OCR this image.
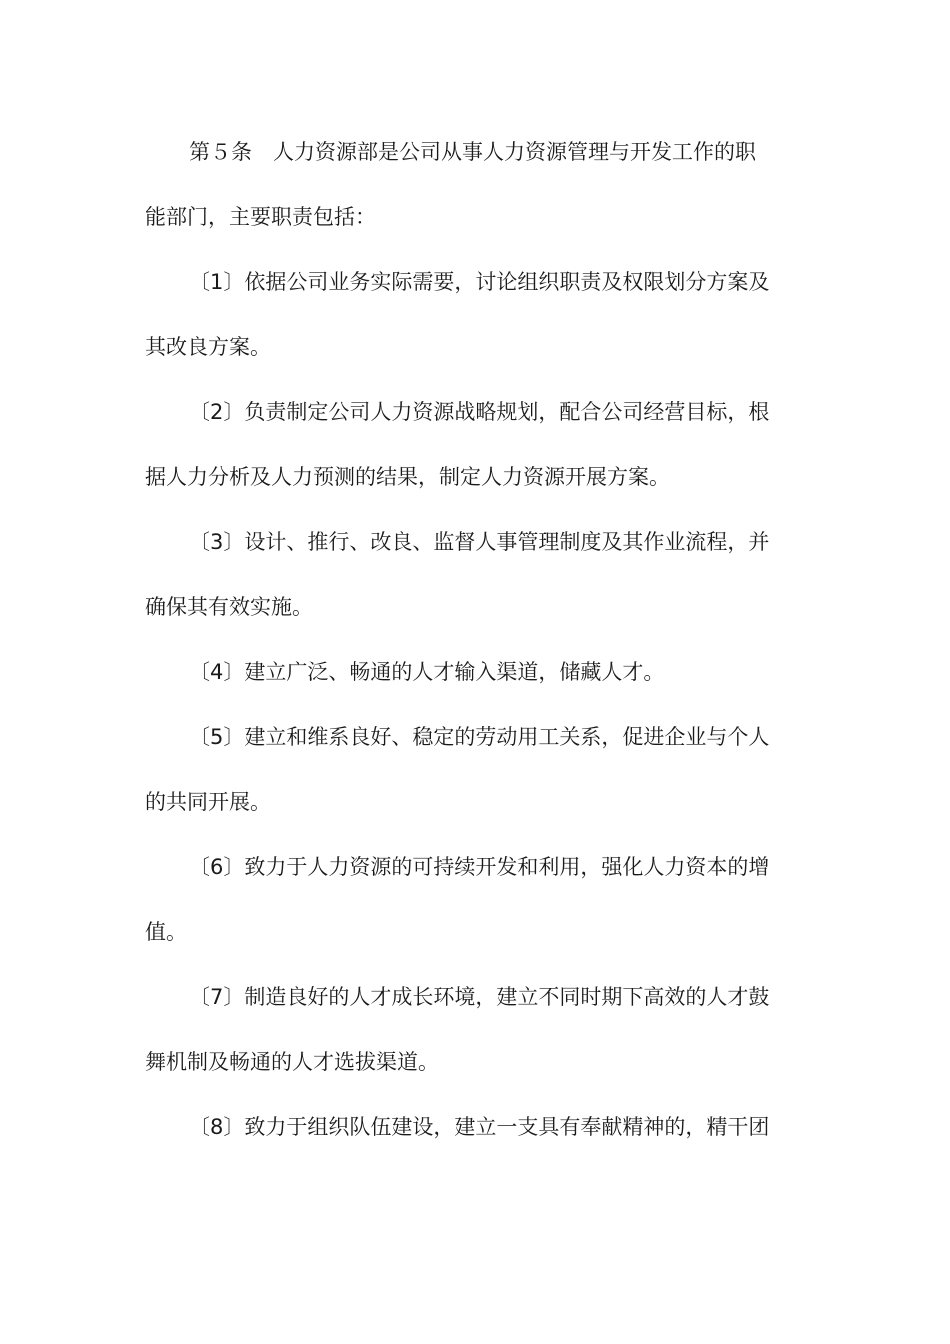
第５条　人力资源部是公司从事人力资源管理与开发工作的职
能部门，主要职责包括：
〔1〕依据公司业务实际需要，讨论组织职责及权限划分方案及
其改良方案。
〔2〕负责制定公司人力资源战略规划，配合公司经营目标，根
据人力分析及人力预测的结果，制定人力资源开展方案。
〔3〕设计、推行、改良、监督人事管理制度及其作业流程，并
确保其有效实施。
〔4〕建立广泛、畅通的人才输入渠道，储藏人才。
〔5〕建立和维系良好、稳定的劳动用工关系，促进企业与个人
的共同开展。
〔6〕致力于人力资源的可持续开发和利用，强化人力资本的增
值。
〔7〕制造良好的人才成长环境，建立不同时期下高效的人才鼓
舞机制及畅通的人才选拔渠道。
〔8〕致力于组织队伍建设，建立一支具有奉献精神的，精干团
